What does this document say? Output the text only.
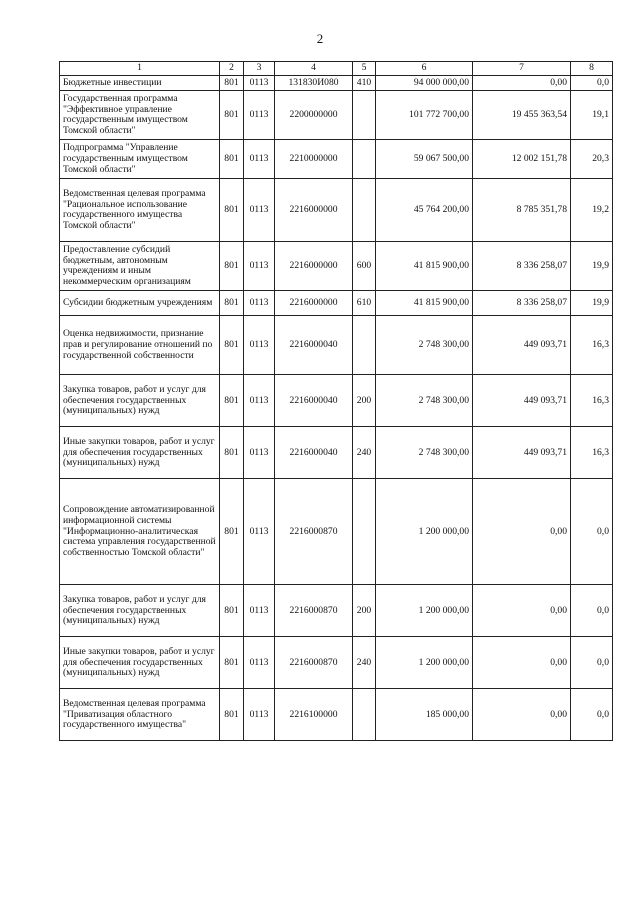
2
1	2	3	4	5	6	7	8
Бюджетные инвестиции	801	0113	131830И080	410	94 000 000,00	0,00	0,0
Государственная программа "Эффективное управление государственным имуществом Томской области"	801	0113	2200000000		101 772 700,00	19 455 363,54	19,1
Подпрограмма "Управление государственным имуществом Томской области"	801	0113	2210000000		59 067 500,00	12 002 151,78	20,3
Ведомственная целевая программа "Рациональное использование государственного имущества Томской области"	801	0113	2216000000		45 764 200,00	8 785 351,78	19,2
Предоставление субсидий бюджетным, автономным учреждениям и иным некоммерческим организациям	801	0113	2216000000	600	41 815 900,00	8 336 258,07	19,9
Субсидии бюджетным учреждениям	801	0113	2216000000	610	41 815 900,00	8 336 258,07	19,9
Оценка недвижимости, признание прав и регулирование отношений по государственной собственности	801	0113	2216000040		2 748 300,00	449 093,71	16,3
Закупка товаров, работ и услуг для обеспечения государственных (муниципальных) нужд	801	0113	2216000040	200	2 748 300,00	449 093,71	16,3
Иные закупки товаров, работ и услуг для обеспечения государственных (муниципальных) нужд	801	0113	2216000040	240	2 748 300,00	449 093,71	16,3
Сопровождение автоматизированной информационной системы "Информационно-аналитическая система управления государственной собственностью Томской области"	801	0113	2216000870		1 200 000,00	0,00	0,0
Закупка товаров, работ и услуг для обеспечения государственных (муниципальных) нужд	801	0113	2216000870	200	1 200 000,00	0,00	0,0
Иные закупки товаров, работ и услуг для обеспечения государственных (муниципальных) нужд	801	0113	2216000870	240	1 200 000,00	0,00	0,0
Ведомственная целевая программа "Приватизация областного государственного имущества"	801	0113	2216100000		185 000,00	0,00	0,0
